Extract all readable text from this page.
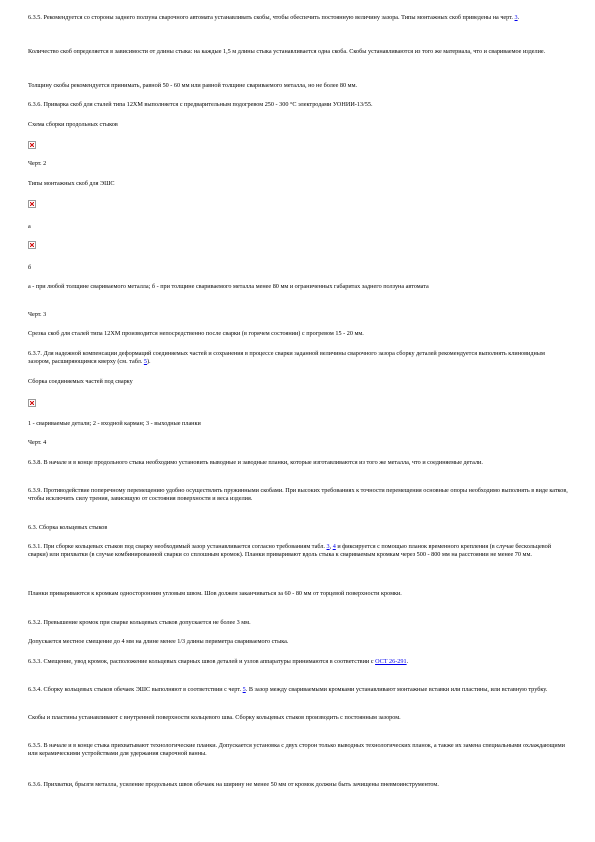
6.3.5. Рекомендуется со стороны заднего ползуна сварочного автомата устанавливать скобы, чтобы обеспечить постоянную величину зазора. Типы монтажных скоб приведены на черт. 3.

Количество скоб определяется в зависимости от длины стыка: на каждые 1,5 м длины стыка устанавливается одна скоба. Скобы устанавливаются из того же материала, что и свариваемое изделие.

Толщину скобы рекомендуется принимать, равной 50 - 60 мм или равной толщине свариваемого металла, но не более 80 мм.

6.3.6. Приварка скоб для сталей типа 12ХМ выполняется с предварительным подогревом 250 - 300 °С электродами УОНИИ-13/55.

Схема сборки продольных стыков

Черт. 2

Типы монтажных скоб для ЭШС

а

б

а - при любой толщине свариваемого металла; б - при толщине свариваемого металла менее 80 мм и ограниченных габаритах заднего ползуна автомата

Черт. 3

Срезка скоб для сталей типа 12ХМ производится непосредственно после сварки (в горячем состоянии) с прогревом 15 - 20 мм.

6.3.7. Для надежной компенсации деформаций соединяемых частей и сохранения в процессе сварки заданной величины сварочного зазора сборку деталей рекомендуется выполнять клиновидным зазором, расширяющимся кверху (см. табл. 5).

Сборка соединяемых частей под сварку

1 - свариваемые детали; 2 - входной карман; 3 - выходные планки

Черт. 4

6.3.8. В начале и в конце продольного стыка необходимо установить выводные и заводные планки, которые изготавливаются из того же металла, что и соединяемые детали.

6.3.9. Противодействие поперечному перемещению удобно осуществлять пружинными скобами. При высоких требованиях к точности перемещения основные опоры необходимо выполнять в виде катков, чтобы исключить силу трения, зависящую от состояния поверхности и веса изделия.

6.3. Сборка кольцевых стыков

6.3.1. При сборке кольцевых стыков под сварку необходимый зазор устанавливается согласно требованиям табл. 3, 4 и фиксируется с помощью планок временного крепления (в случае бескольцевой сварки) или прихватки (в случае комбинированной сварки со сплошным кромок). Планки приваривают вдоль стыка к свариваемым кромкам через 500 - 800 мм на расстоянии не менее 70 мм.

Планки привариваются к кромкам односторонним угловым швом. Шов должен заканчиваться за 60 - 80 мм от торцевой поверхности кромки.

6.3.2. Превышение кромок при сварке кольцевых стыков допускается не более 3 мм.

Допускается местное смещение до 4 мм на длине менее 1/3 длины периметра свариваемого стыка.

6.3.3. Смещение, увод кромок, расположение кольцевых сварных швов деталей и узлов аппаратуры принимаются в соответствии с ОСТ 26-291.

6.3.4. Сборку кольцевых стыков обечаек ЭШС выполняют в соответствии с черт. 5. В зазор между свариваемыми кромками устанавливают монтажные вставки или пластины, или вставную трубку.

Скобы и пластины устанавливают с внутренней поверхности кольцевого шва. Сборку кольцевых стыков производить с постоянным зазором.

6.3.5. В начале и в конце стыка прихватывают технологические планки. Допускается установка с двух сторон только выводных технологических планок, а также их замена специальными охлаждающими или керамическими устройствами для удержания сварочной ванны.

6.3.6. Прихватки, брызги металла, усиление продольных швов обечаек на ширину не менее 50 мм от кромок должны быть зачищены пневмоинструментом.
